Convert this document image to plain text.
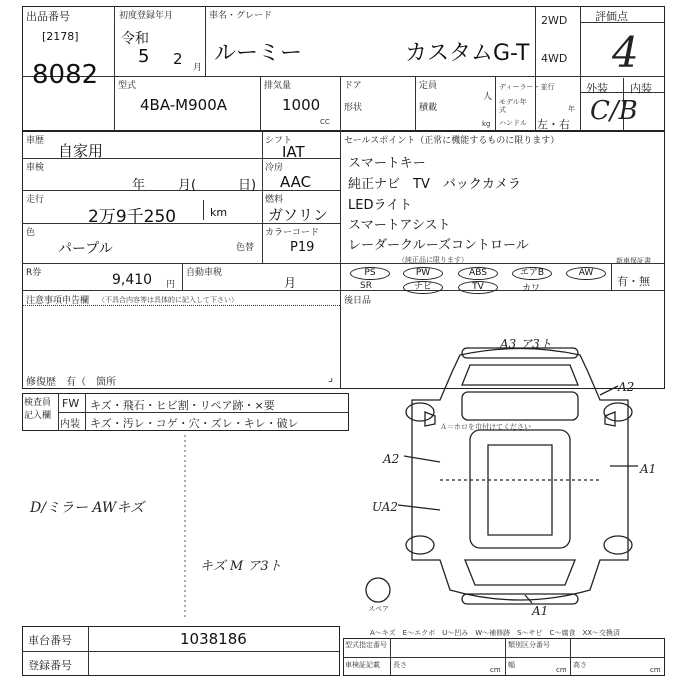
出品番号
[2178]
8082
初度登録年月
令和
5 2 月
車名・グレード
ルーミー	カスタムG-T
2WD
4WD
評価点
4
外装 内装
C/B
型式
4BA-M900A
排気量
1000
CC
ドア
形状
定員
人
積載
kg
ディーラー・並行
モデル年式	年
ハンドル 左・右
車歴
自家用
車検
年	月(	日)
走行
2万9千250	km
色
パープル	色替
シフト
IAT
冷房
AAC
燃料
ガソリン
カラーコード
P19
R券	9,410 円
自動車税
月
セールスポイント（正常に機能するものに限ります）
スマートキー
純正ナビ　TV　バックカメラ
LEDライト
スマートアシスト
レーダークルーズコントロール
（純正品に限ります）	新車保証書
有・無
PS	PW	ABS	エアB	AW
SR	ナビ	TV	カワ
後日品
注意事項申告欄 （不具合内容等は具体的に記入して下さい）
修復歴 有（　箇所	⌟
検査員記入欄
FW キズ・飛石・ヒビ割・リペア跡・×要
内装 キズ・汚レ・コゲ・穴・ズレ・キレ・破レ
D/ミラー AWキズ
キズ M ア3ト
Ａ＝ホロを巾付けてください
A3 ア3ト
A2
A2
A1
UA2
A1
スペア
A～キズ　E～エクボ　U～凹み　W～補修跡　S～サビ　C～腐食　XX～交換済
車台番号	1038186
登録番号
型式指定番号	類別区分番号
車検証記載 長さ
cm
幅
cm
高さ
cm
